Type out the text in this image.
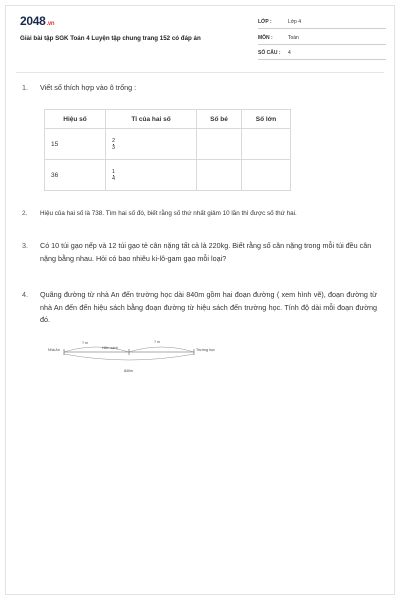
2048.vn
Giải bài tập SGK Toán 4 Luyện tập chung trang 152 có đáp án
LỚP :	Lớp 4
MÔN :	Toán
SỐ CÂU : 4
1. Viết số thích hợp vào ô trống :
Hiệu số	Tỉ của hai số	Số bé	Số lớn
15	$\frac{2}{3}$

36	$\frac{1}{4}$

2. Hiệu của hai số là 738. Tìm hai số đó, biết rằng số thứ nhất giảm 10 lần thì được số thứ hai.
3. Có 10 túi gạo nếp và 12 túi gạo tẻ cân nặng tất cả là 220kg. Biết rằng số cân nặng trong mỗi túi đều cân nặng bằng nhau. Hỏi có bao nhiêu ki-lô-gam gạo mỗi loại?
4. Quãng đường từ nhà An đến trường học dài 840m gồm hai đoạn đường ( xem hình vẽ), đoạn đường từ nhà An đến đến hiệu sách bằng đoạn đường từ hiệu sách đến trường học. Tính độ dài mỗi đoạn đường đó.
Nhà An	Hiệu sách	Trường học
? m	? m
840m
